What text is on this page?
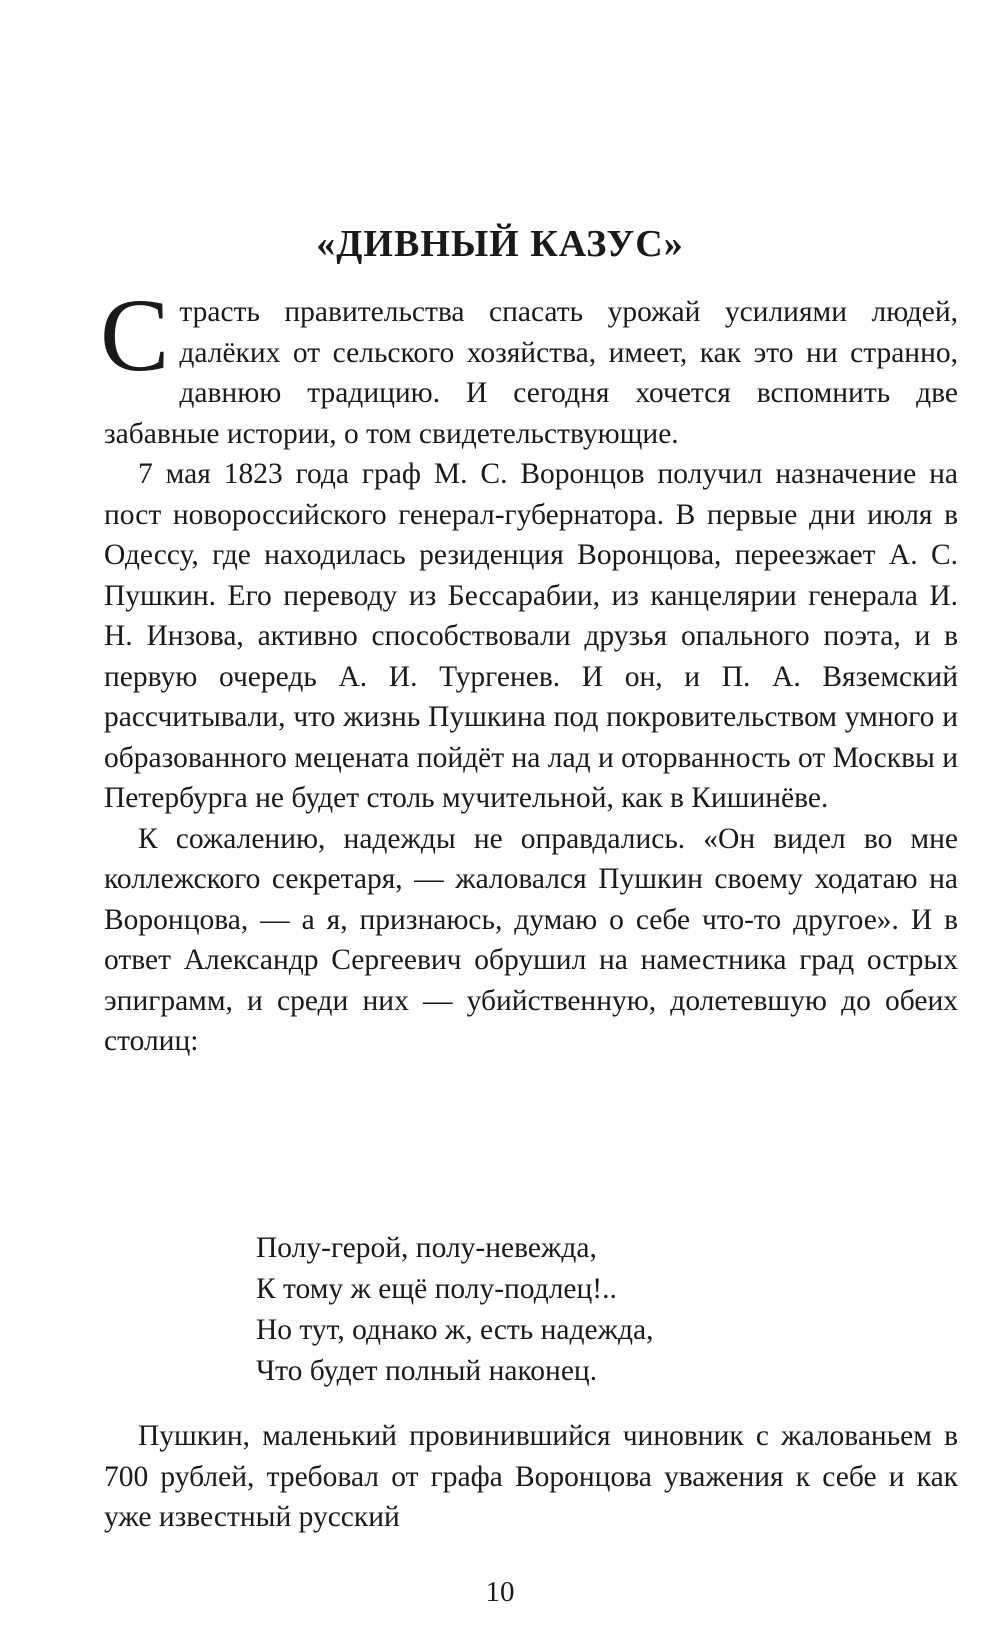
«ДИВНЫЙ КАЗУС»

Страсть правительства спасать урожай усилиями людей, далёких от сельского хозяйства, имеет, как это ни странно, давнюю традицию. И сегодня хочется вспомнить две забавные истории, о том свидетельствующие.

7 мая 1823 года граф М. С. Воронцов получил назначение на пост новороссийского генерал-губернатора. В первые дни июля в Одессу, где находилась резиденция Воронцова, переезжает А. С. Пушкин. Его переводу из Бессарабии, из канцелярии генерала И. Н. Инзова, активно способствовали друзья опального поэта, и в первую очередь А. И. Тургенев. И он, и П. А. Вяземский рассчитывали, что жизнь Пушкина под покровительством умного и образованного мецената пойдёт на лад и оторванность от Москвы и Петербурга не будет столь мучительной, как в Кишинёве.

К сожалению, надежды не оправдались. «Он видел во мне коллежского секретаря, — жаловался Пушкин своему ходатаю на Воронцова, — а я, признаюсь, думаю о себе что-то другое». И в ответ Александр Сергеевич обрушил на наместника град острых эпиграмм, и среди них — убийственную, долетевшую до обеих столиц:

Полу-герой, полу-невежда,
К тому ж ещё полу-подлец!..
Но тут, однако ж, есть надежда,
Что будет полный наконец.

Пушкин, маленький провинившийся чиновник с жалованьем в 700 рублей, требовал от графа Воронцова уважения к себе и как уже известный русский

10
